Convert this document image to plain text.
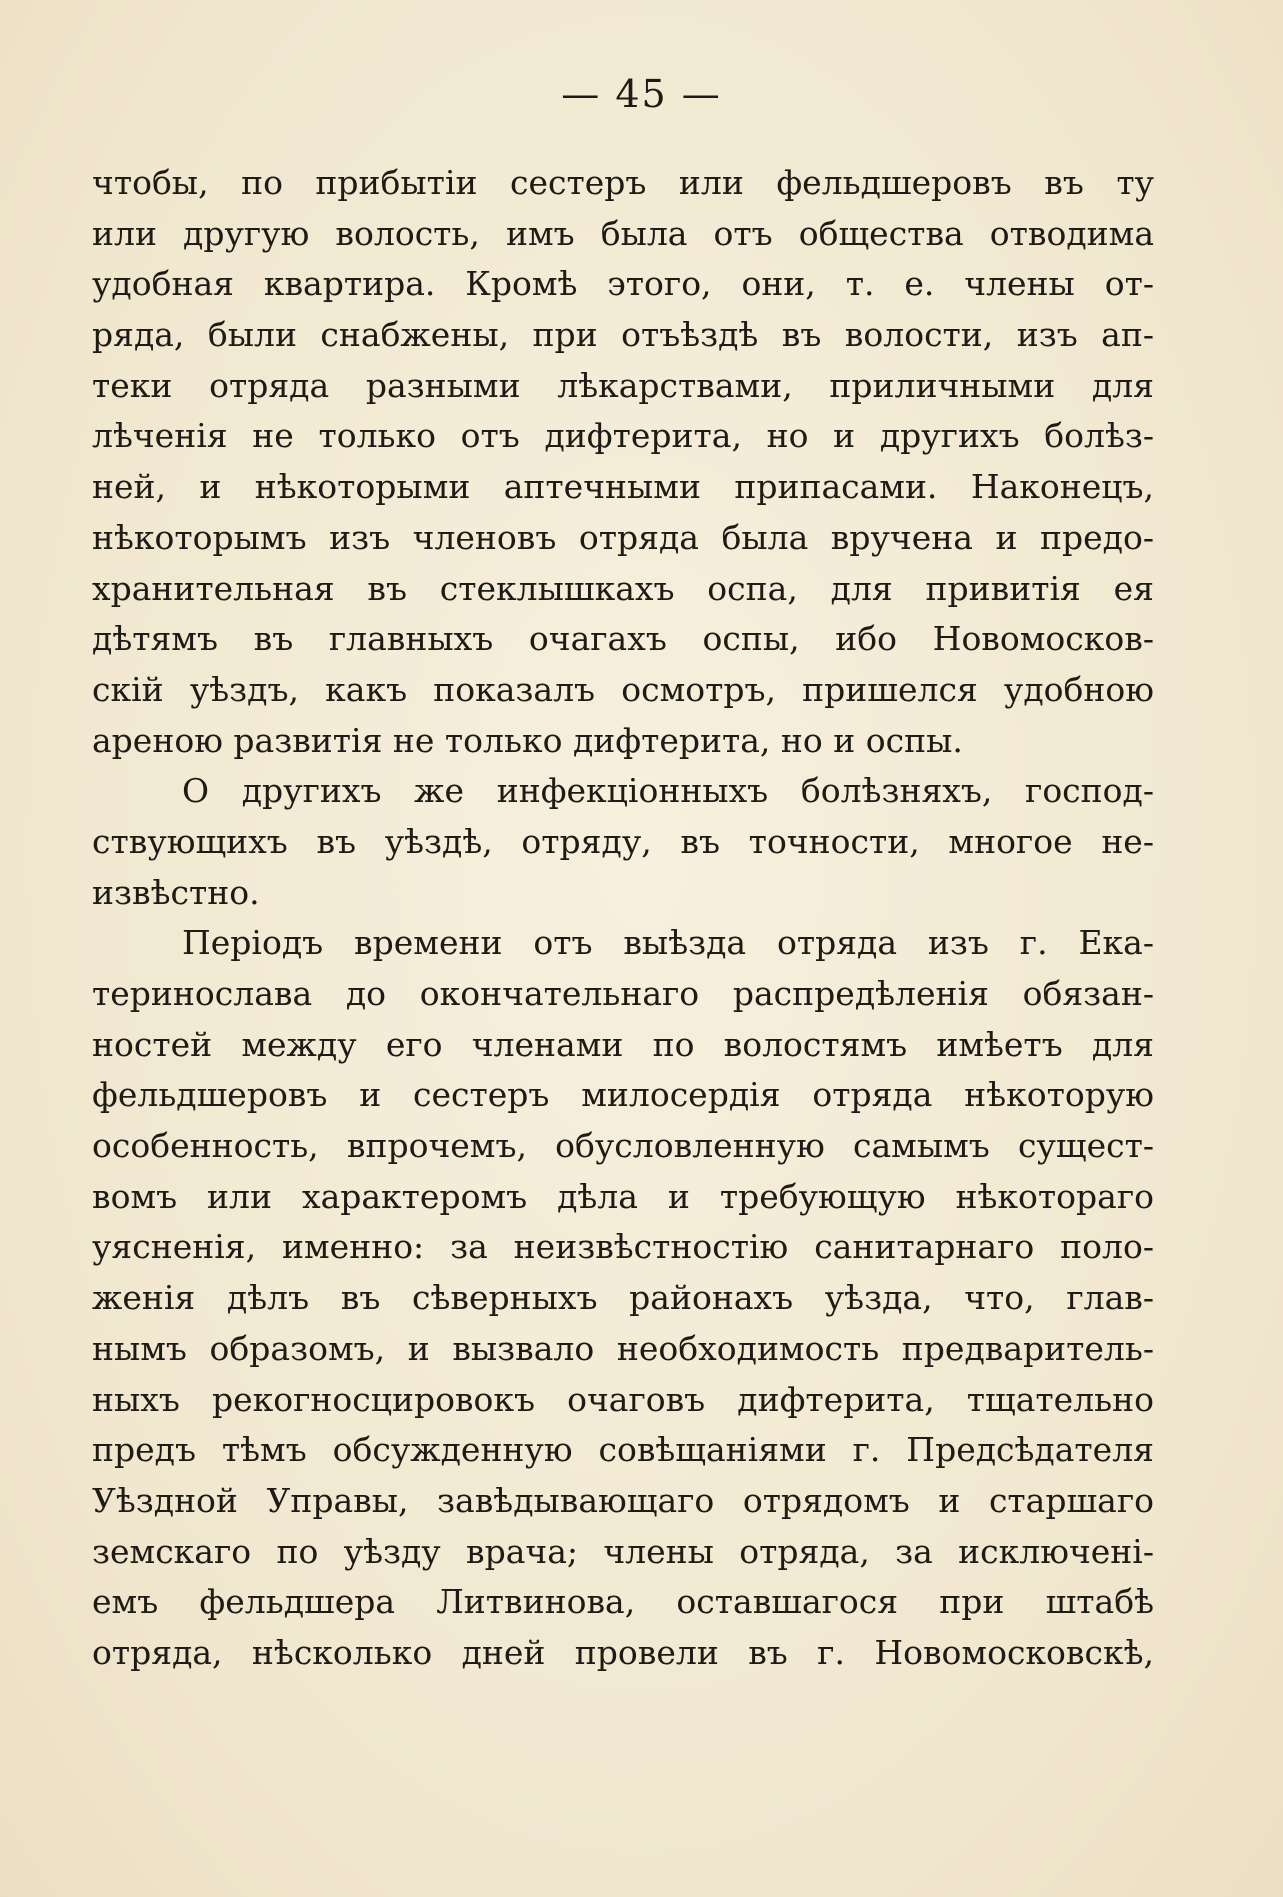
— 45 —
чтобы, по прибытіи сестеръ или фельдшеровъ въ ту
или другую волость, имъ была отъ общества отводима
удобная квартира. Кромѣ этого, они, т. е. члены от-
ряда, были снабжены, при отъѣздѣ въ волости, изъ ап-
теки отряда разными лѣкарствами, приличными для
лѣченія не только отъ дифтерита, но и другихъ болѣз-
ней, и нѣкоторыми аптечными припасами. Наконецъ,
нѣкоторымъ изъ членовъ отряда была вручена и предо-
хранительная въ стеклышкахъ оспа, для привитія ея
дѣтямъ въ главныхъ очагахъ оспы, ибо Новомосков-
скій уѣздъ, какъ показалъ осмотръ, пришелся удобною
ареною развитія не только дифтерита, но и оспы.
О другихъ же инфекціонныхъ болѣзняхъ, господ-
ствующихъ въ уѣздѣ, отряду, въ точности, многое не-
извѣстно.
Періодъ времени отъ выѣзда отряда изъ г. Ека-
теринослава до окончательнаго распредѣленія обязан-
ностей между его членами по волостямъ имѣетъ для
фельдшеровъ и сестеръ милосердія отряда нѣкоторую
особенность, впрочемъ, обусловленную самымъ сущест-
вомъ или характеромъ дѣла и требующую нѣкотораго
уясненія, именно: за неизвѣстностію санитарнаго поло-
женія дѣлъ въ сѣверныхъ районахъ уѣзда, что, глав-
нымъ образомъ, и вызвало необходимость предваритель-
ныхъ рекогносцировокъ очаговъ дифтерита, тщательно
предъ тѣмъ обсужденную совѣщаніями г. Предсѣдателя
Уѣздной Управы, завѣдывающаго отрядомъ и старшаго
земскаго по уѣзду врача; члены отряда, за исключені-
емъ фельдшера Литвинова, оставшагося при штабѣ
отряда, нѣсколько дней провели въ г. Новомосковскѣ,
